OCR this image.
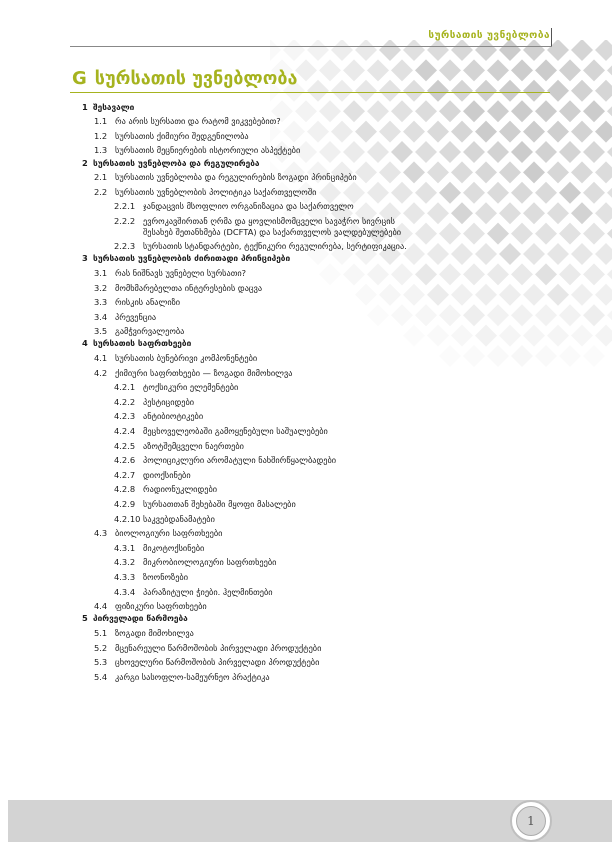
სურსათის უვნებლობა
G სურსათის უვნებლობა
1 შესავალი
1.1 რა არის სურსათი და რატომ ვიკვებებით?
1.2 სურსათის ქიმიური შედგენილობა
1.3 სურსათის მეცნიერების ისტორიული ასპექტები
2 სურსათის უვნებლობა და რეგულირება
2.1 სურსათის უვნებლობა და რეგულირების ზოგადი პრინციპები
2.2 სურსათის უვნებლობის პოლიტიკა საქართველოში
2.2.1 ჯანდაცვის მსოფლიო ორგანიზაცია და საქართველო
2.2.2 ევროკავშირთან ღრმა და ყოვლისმომცველი სავაჭრო სივრცის შესახებ შეთანხმება (DCFTA) და საქართველოს ვალდებულებები
2.2.3 სურსათის სტანდარტები, ტექნიკური რეგულირება, სერტიფიკაცია.
3 სურსათის უვნებლობის ძირითადი პრინციპები
3.1 რას ნიშნავს უვნებელი სურსათი?
3.2 მომხმარებელთა ინტერესების დაცვა
3.3 რისკის ანალიზი
3.4 პრევენცია
3.5 გამჭვირვალეობა
4 სურსათის საფრთხეები
4.1 სურსათის ბუნებრივი კომპონენტები
4.2 ქიმიური საფრთხეები — ზოგადი მიმოხილვა
4.2.1 ტოქსიკური ელემენტები
4.2.2 პესტიციდები
4.2.3 ანტიბიოტიკები
4.2.4 მეცხოველეობაში გამოყენებული საშუალებები
4.2.5 აზოტშემცველი ნაერთები
4.2.6 პოლიციკლური არომატული ნახშირწყალბადები
4.2.7 დიოქსინები
4.2.8 რადიონუკლიდები
4.2.9 სურსათთან შეხებაში მყოფი მასალები
4.2.10 საკვებდანამატები
4.3 ბიოლოგიური საფრთხეები
4.3.1 მიკოტოქსინები
4.3.2 მიკრობიოლოგიური საფრთხეები
4.3.3 ზოონოზები
4.3.4 პარაზიტული ჭიები. ჰელმინთები
4.4 ფიზიკური საფრთხეები
5 პირველადი წარმოება
5.1 ზოგადი მიმოხილვა
5.2 მცენარეული წარმოშობის პირველადი პროდუქტები
5.3 ცხოველური წარმოშობის პირველადი პროდუქტები
5.4 კარგი სასოფლო-სამეურნეო პრაქტიკა
1
